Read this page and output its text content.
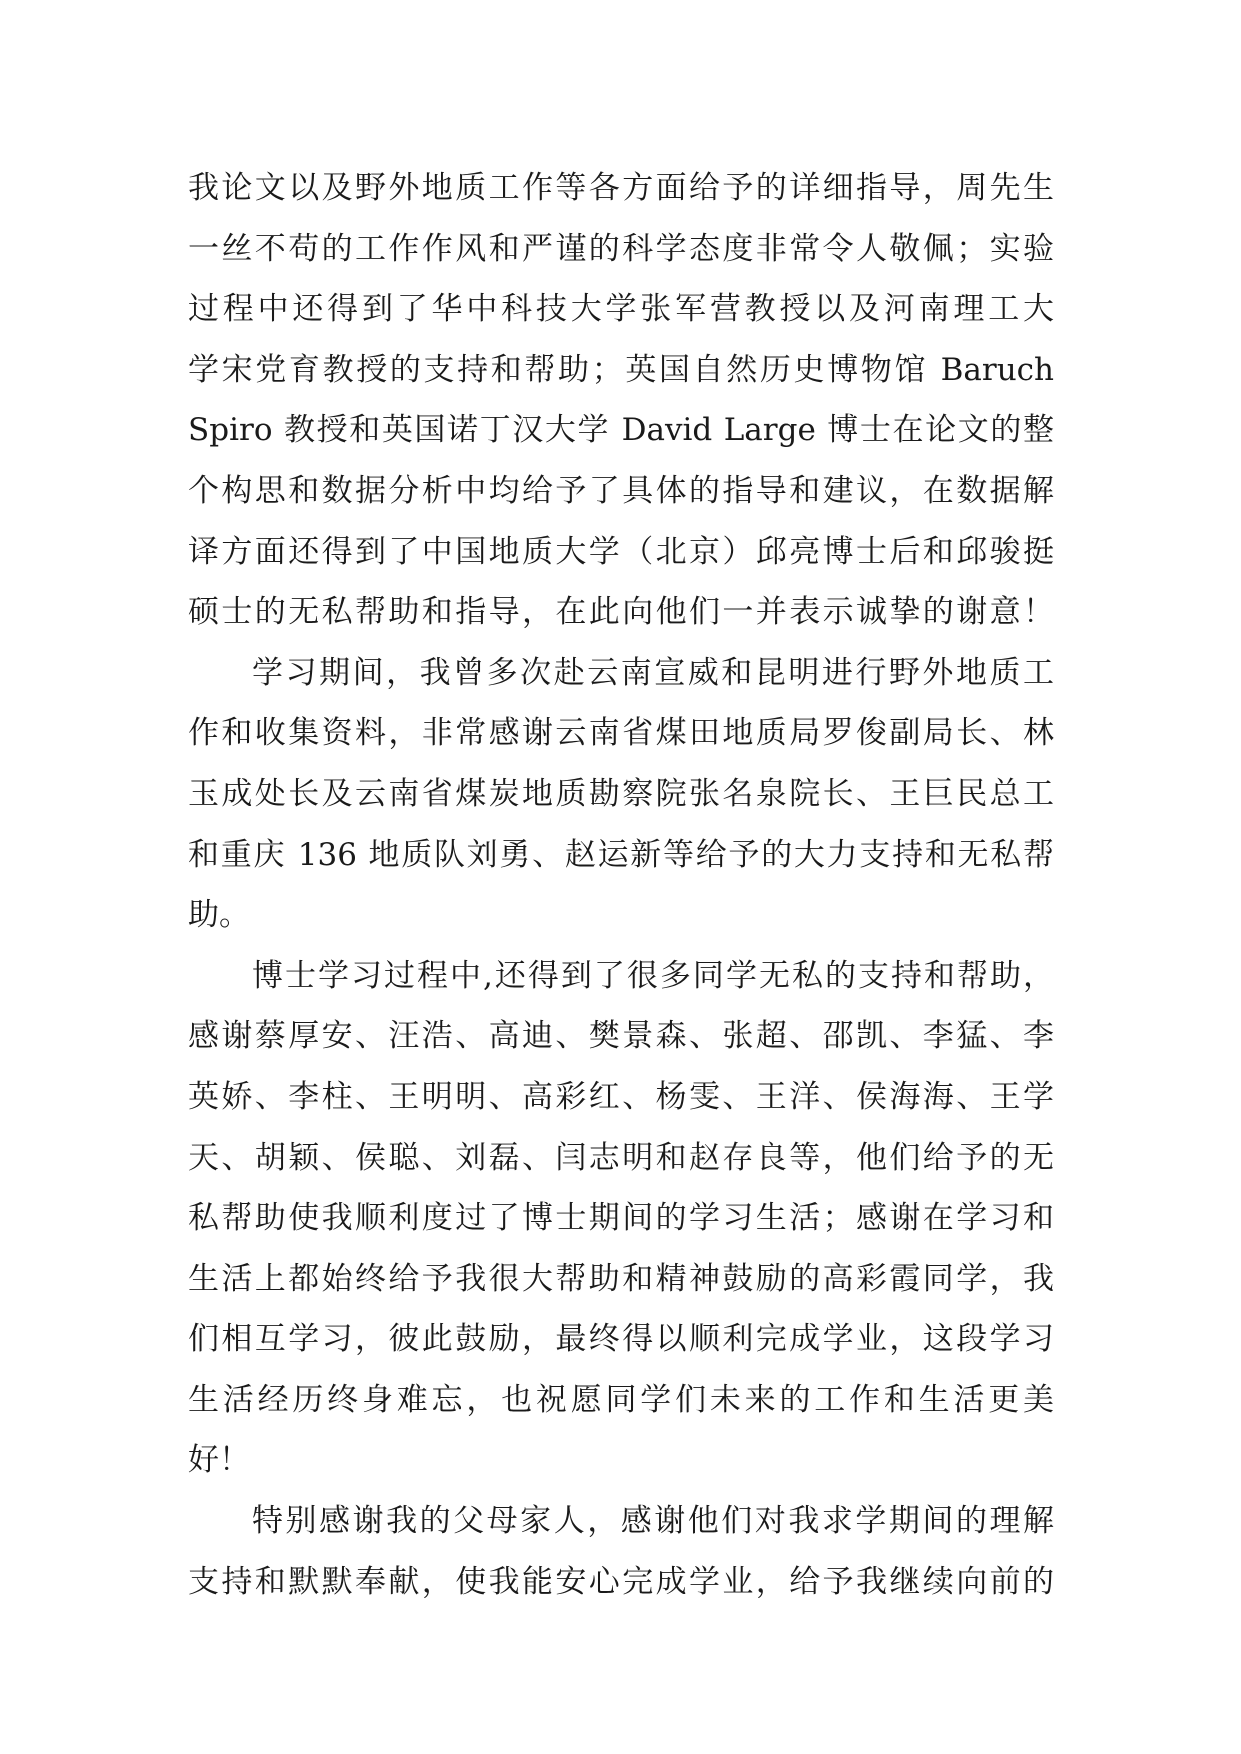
我论文以及野外地质工作等各方面给予的详细指导，周先生
一丝不苟的工作作风和严谨的科学态度非常令人敬佩；实验
过程中还得到了华中科技大学张军营教授以及河南理工大
学宋党育教授的支持和帮助；英国自然历史博物馆 Baruch
Spiro 教授和英国诺丁汉大学 David Large 博士在论文的整
个构思和数据分析中均给予了具体的指导和建议，在数据解
译方面还得到了中国地质大学（北京）邱亮博士后和邱骏挺
硕士的无私帮助和指导，在此向他们一并表示诚挚的谢意！
学习期间，我曾多次赴云南宣威和昆明进行野外地质工
作和收集资料，非常感谢云南省煤田地质局罗俊副局长、林
玉成处长及云南省煤炭地质勘察院张名泉院长、王巨民总工
和重庆 136 地质队刘勇、赵运新等给予的大力支持和无私帮
助。
博士学习过程中,还得到了很多同学无私的支持和帮助，
感谢蔡厚安、汪浩、高迪、樊景森、张超、邵凯、李猛、李
英娇、李柱、王明明、高彩红、杨雯、王洋、侯海海、王学
天、胡颖、侯聪、刘磊、闫志明和赵存良等，他们给予的无
私帮助使我顺利度过了博士期间的学习生活；感谢在学习和
生活上都始终给予我很大帮助和精神鼓励的高彩霞同学，我
们相互学习，彼此鼓励，最终得以顺利完成学业，这段学习
生活经历终身难忘，也祝愿同学们未来的工作和生活更美
好！
特别感谢我的父母家人，感谢他们对我求学期间的理解
支持和默默奉献，使我能安心完成学业，给予我继续向前的
